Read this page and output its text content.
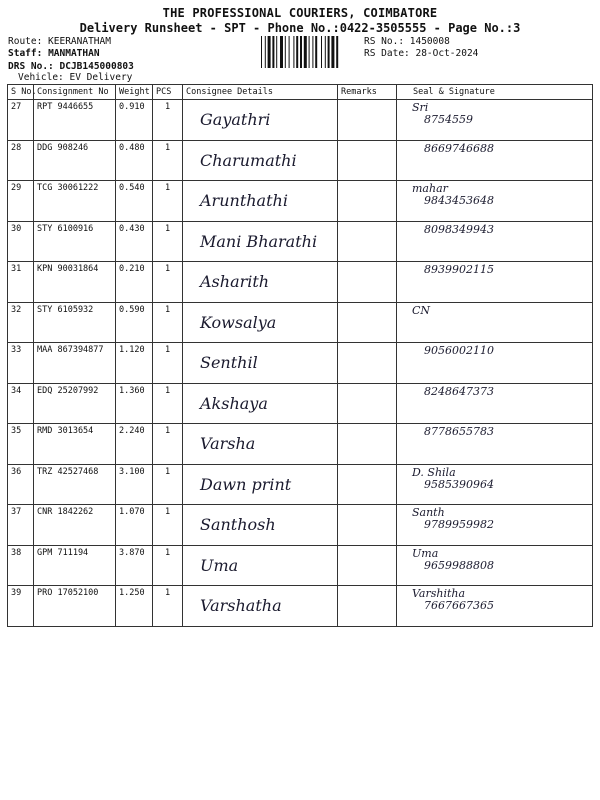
THE PROFESSIONAL COURIERS, COIMBATORE
Delivery Runsheet - SPT - Phone No.:0422-3505555 - Page No.:3
Route: KEERANATHAM
Staff: MANMATHAN
DRS No.: DCJB145000803
Vehicle: EV Delivery
RS No.: 1450008
RS Date: 28-Oct-2024
S No.	Consignment No	Weight	PCS	Consignee Details	Remarks	Seal & Signature
27	RPT 9446655	0.910	1	Gayathri		Sri
8754559

28	DDG 908246	0.480	1	Charumathi		8669746688

29	TCG 30061222	0.540	1	Arunthathi		mahar
9843453648

30	STY 6100916	0.430	1	Mani Bharathi		8098349943

31	KPN 90031864	0.210	1	Asharith		8939902115

32	STY 6105932	0.590	1	Kowsalya		CN

33	MAA 867394877	1.120	1	Senthil		9056002110

34	EDQ 25207992	1.360	1	Akshaya		8248647373

35	RMD 3013654	2.240	1	Varsha		8778655783

36	TRZ 42527468	3.100	1	Dawn print		D. Shila
9585390964

37	CNR 1842262	1.070	1	Santhosh		Santh
9789959982

38	GPM 711194	3.870	1	Uma		Uma
9659988808

39	PRO 17052100	1.250	1	Varshatha		Varshitha
7667667365
